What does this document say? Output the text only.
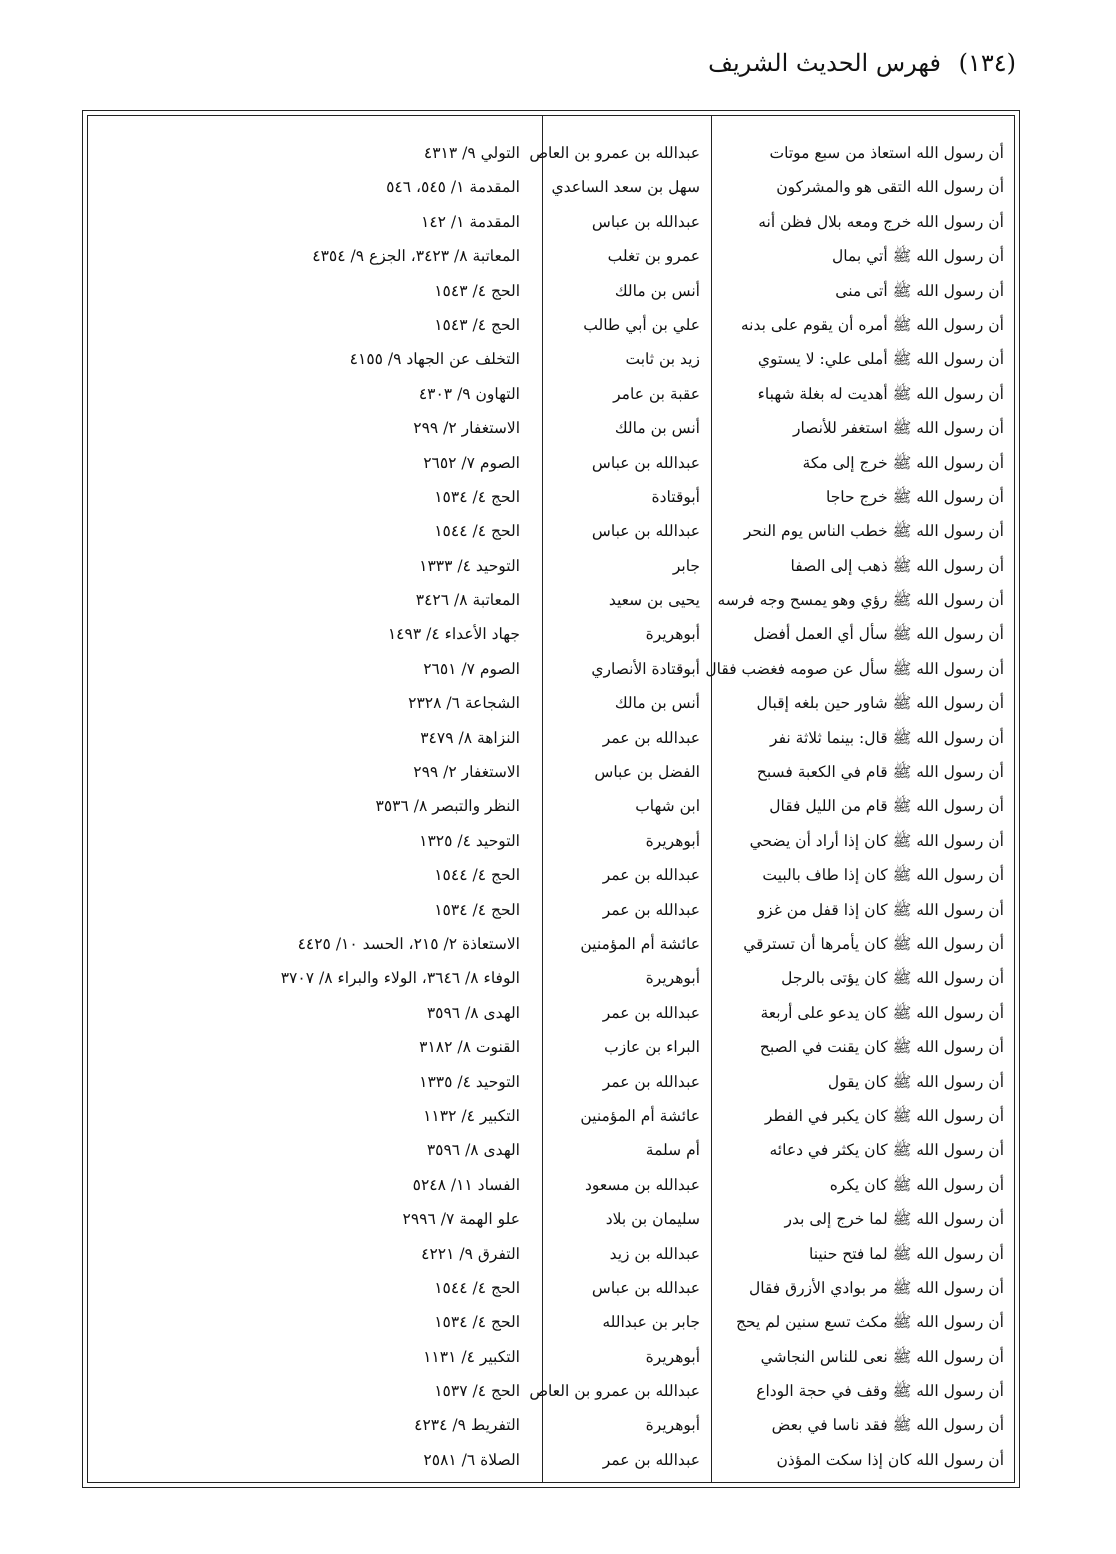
(١٣٤) فهرس الحديث الشريف
أن رسول الله استعاذ من سبع موتات
عبدالله بن عمرو بن العاص
التولي ٩/ ٤٣١٣
أن رسول الله التقى هو والمشركون
سهل بن سعد الساعدي
المقدمة ١/ ٥٤٥، ٥٤٦
أن رسول الله خرج ومعه بلال فظن أنه
عبدالله بن عباس
المقدمة ١/ ١٤٢
أن رسول الله ﷺ أتي بمال
عمرو بن تغلب
المعاتبة ٨/ ٣٤٢٣، الجزع ٩/ ٤٣٥٤
أن رسول الله ﷺ أتى منى
أنس بن مالك
الحج ٤/ ١٥٤٣
أن رسول الله ﷺ أمره أن يقوم على بدنه
علي بن أبي طالب
الحج ٤/ ١٥٤٣
أن رسول الله ﷺ أملى علي: لا يستوي
زيد بن ثابت
التخلف عن الجهاد ٩/ ٤١٥٥
أن رسول الله ﷺ أهديت له بغلة شهباء
عقبة بن عامر
التهاون ٩/ ٤٣٠٣
أن رسول الله ﷺ استغفر للأنصار
أنس بن مالك
الاستغفار ٢/ ٢٩٩
أن رسول الله ﷺ خرج إلى مكة
عبدالله بن عباس
الصوم ٧/ ٢٦٥٢
أن رسول الله ﷺ خرج حاجا
أبوقتادة
الحج ٤/ ١٥٣٤
أن رسول الله ﷺ خطب الناس يوم النحر
عبدالله بن عباس
الحج ٤/ ١٥٤٤
أن رسول الله ﷺ ذهب إلى الصفا
جابر
التوحيد ٤/ ١٣٣٣
أن رسول الله ﷺ رؤي وهو يمسح وجه فرسه
يحيى بن سعيد
المعاتبة ٨/ ٣٤٢٦
أن رسول الله ﷺ سأل أي العمل أفضل
أبوهريرة
جهاد الأعداء ٤/ ١٤٩٣
أن رسول الله ﷺ سأل عن صومه فغضب فقال
أبوقتادة الأنصاري
الصوم ٧/ ٢٦٥١
أن رسول الله ﷺ شاور حين بلغه إقبال
أنس بن مالك
الشجاعة ٦/ ٢٣٢٨
أن رسول الله ﷺ قال: بينما ثلاثة نفر
عبدالله بن عمر
النزاهة ٨/ ٣٤٧٩
أن رسول الله ﷺ قام في الكعبة فسبح
الفضل بن عباس
الاستغفار ٢/ ٢٩٩
أن رسول الله ﷺ قام من الليل فقال
ابن شهاب
النظر والتبصر ٨/ ٣٥٣٦
أن رسول الله ﷺ كان إذا أراد أن يضحي
أبوهريرة
التوحيد ٤/ ١٣٢٥
أن رسول الله ﷺ كان إذا طاف بالبيت
عبدالله بن عمر
الحج ٤/ ١٥٤٤
أن رسول الله ﷺ كان إذا قفل من غزو
عبدالله بن عمر
الحج ٤/ ١٥٣٤
أن رسول الله ﷺ كان يأمرها أن تسترقي
عائشة أم المؤمنين
الاستعاذة ٢/ ٢١٥، الحسد ١٠/ ٤٤٢٥
أن رسول الله ﷺ كان يؤتى بالرجل
أبوهريرة
الوفاء ٨/ ٣٦٤٦، الولاء والبراء ٨/ ٣٧٠٧
أن رسول الله ﷺ كان يدعو على أربعة
عبدالله بن عمر
الهدى ٨/ ٣٥٩٦
أن رسول الله ﷺ كان يقنت في الصبح
البراء بن عازب
القنوت ٨/ ٣١٨٢
أن رسول الله ﷺ كان يقول
عبدالله بن عمر
التوحيد ٤/ ١٣٣٥
أن رسول الله ﷺ كان يكبر في الفطر
عائشة أم المؤمنين
التكبير ٤/ ١١٣٢
أن رسول الله ﷺ كان يكثر في دعائه
أم سلمة
الهدى ٨/ ٣٥٩٦
أن رسول الله ﷺ كان يكره
عبدالله بن مسعود
الفساد ١١/ ٥٢٤٨
أن رسول الله ﷺ لما خرج إلى بدر
سليمان بن بلاد
علو الهمة ٧/ ٢٩٩٦
أن رسول الله ﷺ لما فتح حنينا
عبدالله بن زيد
التفرق ٩/ ٤٢٢١
أن رسول الله ﷺ مر بوادي الأزرق فقال
عبدالله بن عباس
الحج ٤/ ١٥٤٤
أن رسول الله ﷺ مكث تسع سنين لم يحج
جابر بن عبدالله
الحج ٤/ ١٥٣٤
أن رسول الله ﷺ نعى للناس النجاشي
أبوهريرة
التكبير ٤/ ١١٣١
أن رسول الله ﷺ وقف في حجة الوداع
عبدالله بن عمرو بن العاص
الحج ٤/ ١٥٣٧
أن رسول الله ﷺ فقد ناسا في بعض
أبوهريرة
التفريط ٩/ ٤٢٣٤
أن رسول الله كان إذا سكت المؤذن
عبدالله بن عمر
الصلاة ٦/ ٢٥٨١
